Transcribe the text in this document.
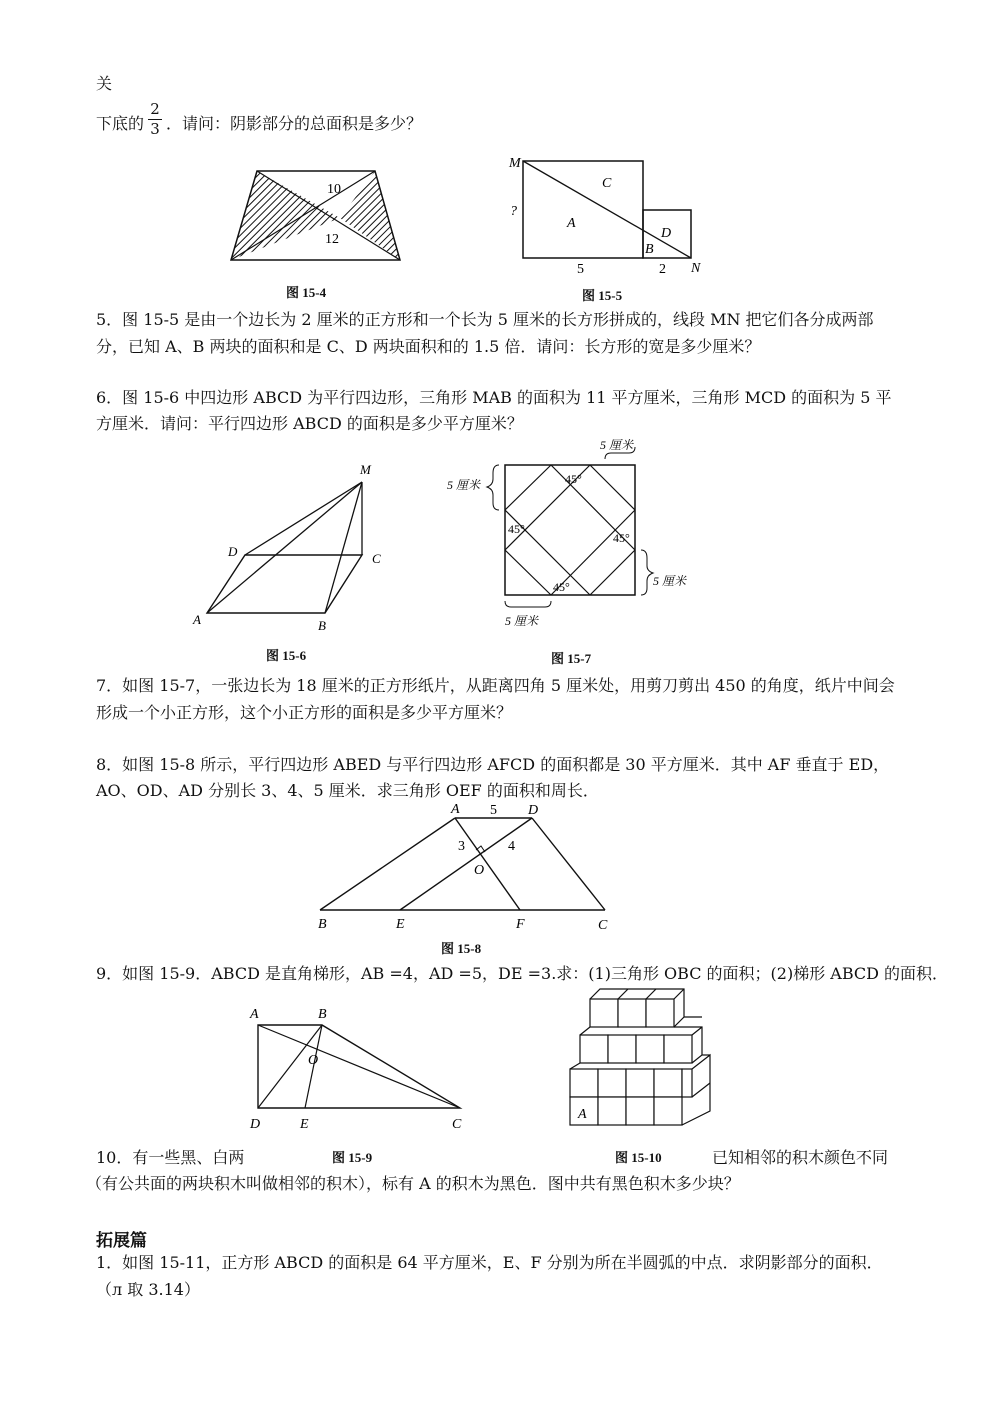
关
下底的 $\frac{2}{3}$ ．请问：阴影部分的总面积是多少？
10
12
图 15-4
M
?
C
A
D
B
5	2 N
图 15-5
5．图 15-5 是由一个边长为 2 厘米的正方形和一个长为 5 厘米的长方形拼成的，线段 MN 把它们各分成两部
分，已知 A、B 两块的面积和是 C、D 两块面积和的 1.5 倍．请问：长方形的宽是多少厘米？
6．图 15-6 中四边形 ABCD 为平行四边形，三角形 MAB 的面积为 11 平方厘米，三角形 MCD 的面积为 5 平
方厘米．请问：平行四边形 ABCD 的面积是多少平方厘米？
M
D	C
A	B
图 15-6
5 厘米
5 厘米
5 厘米
5 厘米
45°
45°
45°
45°
图 15-7
7．如图 15-7，一张边长为 18 厘米的正方形纸片，从距离四角 5 厘米处，用剪刀剪出 450 的角度，纸片中间会
形成一个小正方形，这个小正方形的面积是多少平方厘米？
8．如图 15-8 所示，平行四边形 ABED 与平行四边形 AFCD 的面积都是 30 平方厘米．其中 AF 垂直于 ED，
AO、OD、AD 分别长 3、4、5 厘米．求三角形 OEF 的面积和周长．
A 5 D
3	4
O
B	E	F	C
图 15-8
9．如图 15-9．ABCD 是直角梯形，AB =4，AD =5，DE =3.求：(1)三角形 OBC 的面积；(2)梯形 ABCD 的面积．
A	B
O
D	E	C
图 15-9
A
图 15-10
10．有一些黑、白两	已知相邻的积木颜色不同
（有公共面的两块积木叫做相邻的积木），标有 A 的积木为黑色．图中共有黑色积木多少块？
拓展篇
1．如图 15-11，正方形 ABCD 的面积是 64 平方厘米，E、F 分别为所在半圆弧的中点．求阴影部分的面积．
（л 取 3.14）
